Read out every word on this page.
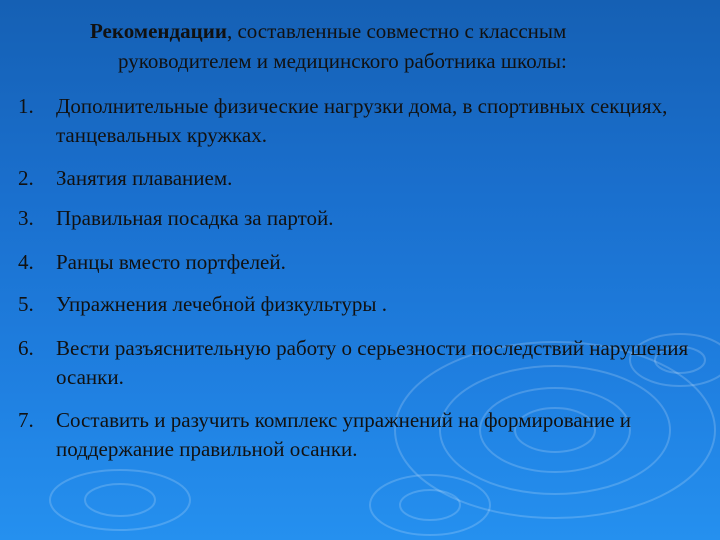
Рекомендации, составленные совместно с классным
руководителем и медицинского работника школы:
1.	Дополнительные физические нагрузки дома, в спортивных секциях, танцевальных кружках.
2.	Занятия плаванием.
3.	Правильная посадка за партой.
4.	Ранцы вместо портфелей.
5.	Упражнения лечебной физкультуры .
6.	Вести разъяснительную работу о серьезности последствий нарушения осанки.
7.	Составить и разучить комплекс упражнений на формирование и поддержание правильной осанки.
